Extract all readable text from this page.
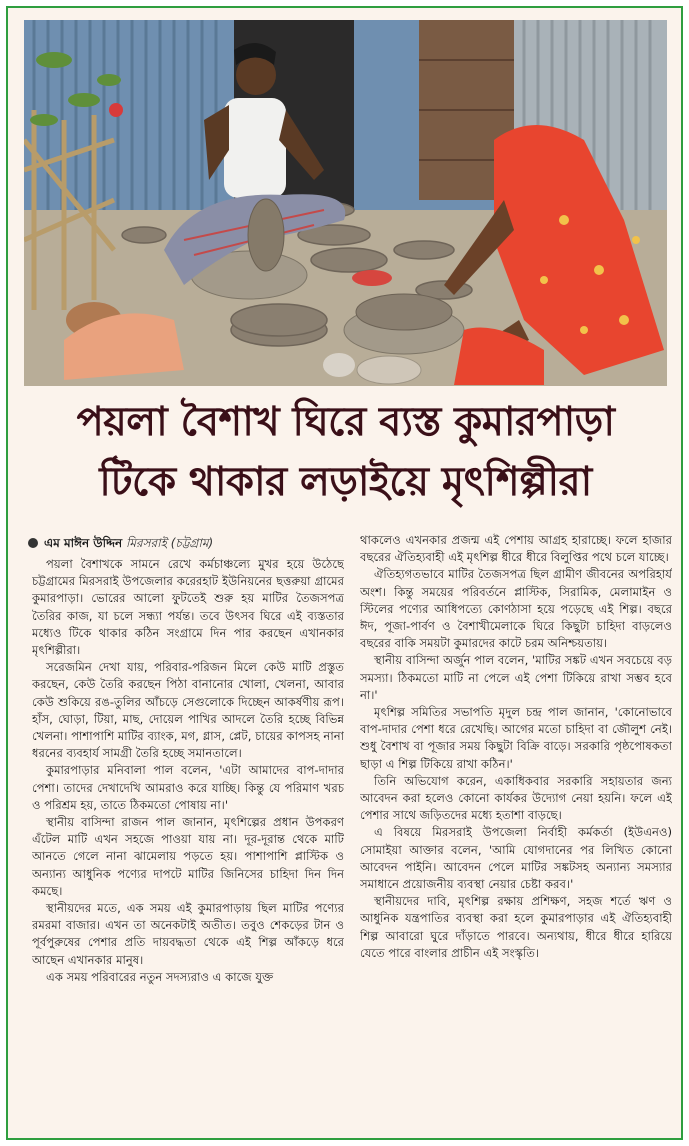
পয়লা বৈশাখ ঘিরে ব্যস্ত কুমারপাড়া
টিকে থাকার লড়াইয়ে মৃৎশিল্পীরা
এম মাঈন উদ্দিন মিরসরাই (চট্টগ্রাম)

পয়লা বৈশাখকে সামনে রেখে কর্মচাঞ্চল্যে মুখর হয়ে উঠেছে চট্টগ্রামের মিরসরাই উপজেলার করেরহাট ইউনিয়নের ছত্তরুয়া গ্রামের কুমারপাড়া। ভোরের আলো ফুটতেই শুরু হয় মাটির তৈজসপত্র তৈরির কাজ, যা চলে সন্ধ্যা পর্যন্ত। তবে উৎসব ঘিরে এই ব্যস্ততার মধ্যেও টিকে থাকার কঠিন সংগ্রামে দিন পার করছেন এখানকার মৃৎশিল্পীরা।

সরেজমিন দেখা যায়, পরিবার-পরিজন মিলে কেউ মাটি প্রস্তুত করছেন, কেউ তৈরি করছেন পিঠা বানানোর খোলা, খেলনা, আবার কেউ শুকিয়ে রঙ-তুলির আঁচড়ে সেগুলোকে দিচ্ছেন আকর্ষণীয় রূপ। হাঁস, ঘোড়া, টিয়া, মাছ, দোয়েল পাখির আদলে তৈরি হচ্ছে বিভিন্ন খেলনা। পাশাপাশি মাটির ব্যাংক, মগ, গ্লাস, প্লেট, চায়ের কাপসহ নানা ধরনের ব্যবহার্য সামগ্রী তৈরি হচ্ছে সমানতালে।

কুমারপাড়ার মনিবালা পাল বলেন, 'এটা আমাদের বাপ-দাদার পেশা। তাদের দেখাদেখি আমরাও করে যাচ্ছি। কিন্তু যে পরিমাণ খরচ ও পরিশ্রম হয়, তাতে ঠিকমতো পোষায় না।'

স্থানীয় বাসিন্দা রাজন পাল জানান, মৃৎশিল্পের প্রধান উপকরণ এঁটেল মাটি এখন সহজে পাওয়া যায় না। দূর-দূরান্ত থেকে মাটি আনতে গেলে নানা ঝামেলায় পড়তে হয়। পাশাপাশি প্লাস্টিক ও অন্যান্য আধুনিক পণ্যের দাপটে মাটির জিনিসের চাহিদা দিন দিন কমছে।

স্থানীয়দের মতে, এক সময় এই কুমারপাড়ায় ছিল মাটির পণ্যের রমরমা বাজার। এখন তা অনেকটাই অতীত। তবুও শেকড়ের টান ও পূর্বপুরুষের পেশার প্রতি দায়বদ্ধতা থেকে এই শিল্প আঁকড়ে ধরে আছেন এখানকার মানুষ।

এক সময় পরিবারের নতুন সদস্যরাও এ কাজে যুক্ত

থাকলেও এখনকার প্রজন্ম এই পেশায় আগ্রহ হারাচ্ছে। ফলে হাজার বছরের ঐতিহ্যবাহী এই মৃৎশিল্প ধীরে ধীরে বিলুপ্তির পথে চলে যাচ্ছে।

ঐতিহ্যগতভাবে মাটির তৈজসপত্র ছিল গ্রামীণ জীবনের অপরিহার্য অংশ। কিন্তু সময়ের পরিবর্তনে প্লাস্টিক, সিরামিক, মেলামাইন ও স্টিলের পণ্যের আধিপত্যে কোণঠাসা হয়ে পড়েছে এই শিল্প। বছরে ঈদ, পূজা-পার্বণ ও বৈশাখীমেলাকে ঘিরে কিছুটা চাহিদা বাড়লেও বছরের বাকি সময়টা কুমারদের কাটে চরম অনিশ্চয়তায়।

স্থানীয় বাসিন্দা অর্জুন পাল বলেন, 'মাটির সঙ্কট এখন সবচেয়ে বড় সমস্যা। ঠিকমতো মাটি না পেলে এই পেশা টিকিয়ে রাখা সম্ভব হবে না।'

মৃৎশিল্প সমিতির সভাপতি মৃদুল চন্দ্র পাল জানান, 'কোনোভাবে বাপ-দাদার পেশা ধরে রেখেছি। আগের মতো চাহিদা বা জৌলুশ নেই। শুধু বৈশাখ বা পূজার সময় কিছুটা বিক্রি বাড়ে। সরকারি পৃষ্ঠপোষকতা ছাড়া এ শিল্প টিকিয়ে রাখা কঠিন।'

তিনি অভিযোগ করেন, একাধিকবার সরকারি সহায়তার জন্য আবেদন করা হলেও কোনো কার্যকর উদ্যোগ নেয়া হয়নি। ফলে এই পেশার সাথে জড়িতদের মধ্যে হতাশা বাড়ছে।

এ বিষয়ে মিরসরাই উপজেলা নির্বাহী কর্মকর্তা (ইউএনও) সোমাইয়া আক্তার বলেন, 'আমি যোগদানের পর লিখিত কোনো আবেদন পাইনি। আবেদন পেলে মাটির সঙ্কটসহ অন্যান্য সমস্যার সমাধানে প্রয়োজনীয় ব্যবস্থা নেয়ার চেষ্টা করব।'

স্থানীয়দের দাবি, মৃৎশিল্প রক্ষায় প্রশিক্ষণ, সহজ শর্তে ঋণ ও আধুনিক যন্ত্রপাতির ব্যবস্থা করা হলে কুমারপাড়ার এই ঐতিহ্যবাহী শিল্প আবারো ঘুরে দাঁড়াতে পারবে। অন্যথায়, ধীরে ধীরে হারিয়ে যেতে পারে বাংলার প্রাচীন এই সংস্কৃতি।
